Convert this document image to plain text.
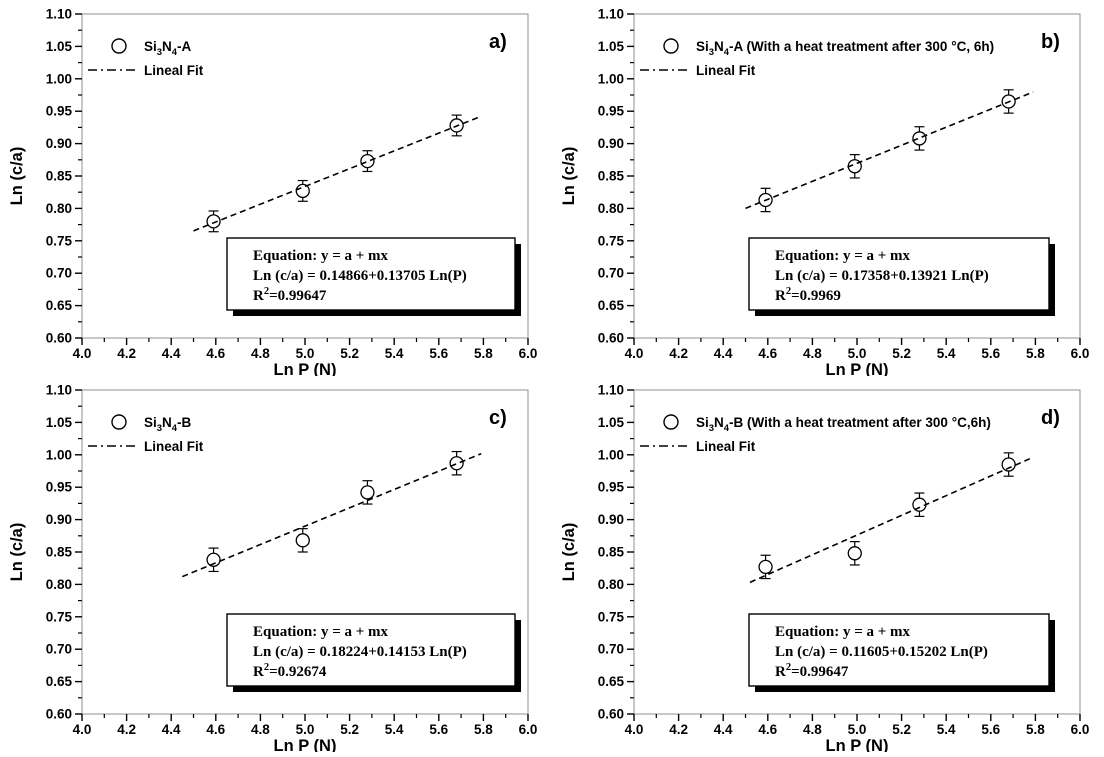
4.0 4.2 4.4 4.6 4.8 5.0 5.2 5.4 5.6 5.8 6.0
0.60
0.65
0.70
0.75
0.80
0.85
0.90
0.95
1.00
1.05
1.10
Ln P (N)
Ln (c/a)
$Si_3N_4-A$
Lineal Fit
a)
Equation: y = a + mx
Ln (c/a) = 0.14866+0.13705 Ln(P)
$R^2=0.99647$
4.0 4.2 4.4 4.6 4.8 5.0 5.2 5.4 5.6 5.8 6.0
0.60
0.65
0.70
0.75
0.80
0.85
0.90
0.95
1.00
1.05
1.10
Ln P (N)
Ln (c/a)
$Si_3N_4-A$ (With a heat treatment after 300 °C, 6h)
Lineal Fit
b)
Equation: y = a + mx
Ln (c/a) = 0.17358+0.13921 Ln(P)
$R^2=0.9969$
4.0 4.2 4.4 4.6 4.8 5.0 5.2 5.4 5.6 5.8 6.0
0.60
0.65
0.70
0.75
0.80
0.85
0.90
0.95
1.00
1.05
1.10
Ln P (N)
Ln (c/a)
$Si_3N_4-B$
Lineal Fit
c)
Equation: y = a + mx
Ln (c/a) = 0.18224+0.14153 Ln(P)
$R^2=0.92674$
4.0 4.2 4.4 4.6 4.8 5.0 5.2 5.4 5.6 5.8 6.0
0.60
0.65
0.70
0.75
0.80
0.85
0.90
0.95
1.00
1.05
1.10
Ln P (N)
Ln (c/a)
$Si_3N_4-B$ (With a heat treatment after 300 °C,6h)
Lineal Fit
d)
Equation: y = a + mx
Ln (c/a) = 0.11605+0.15202 Ln(P)
$R^2=0.99647$
